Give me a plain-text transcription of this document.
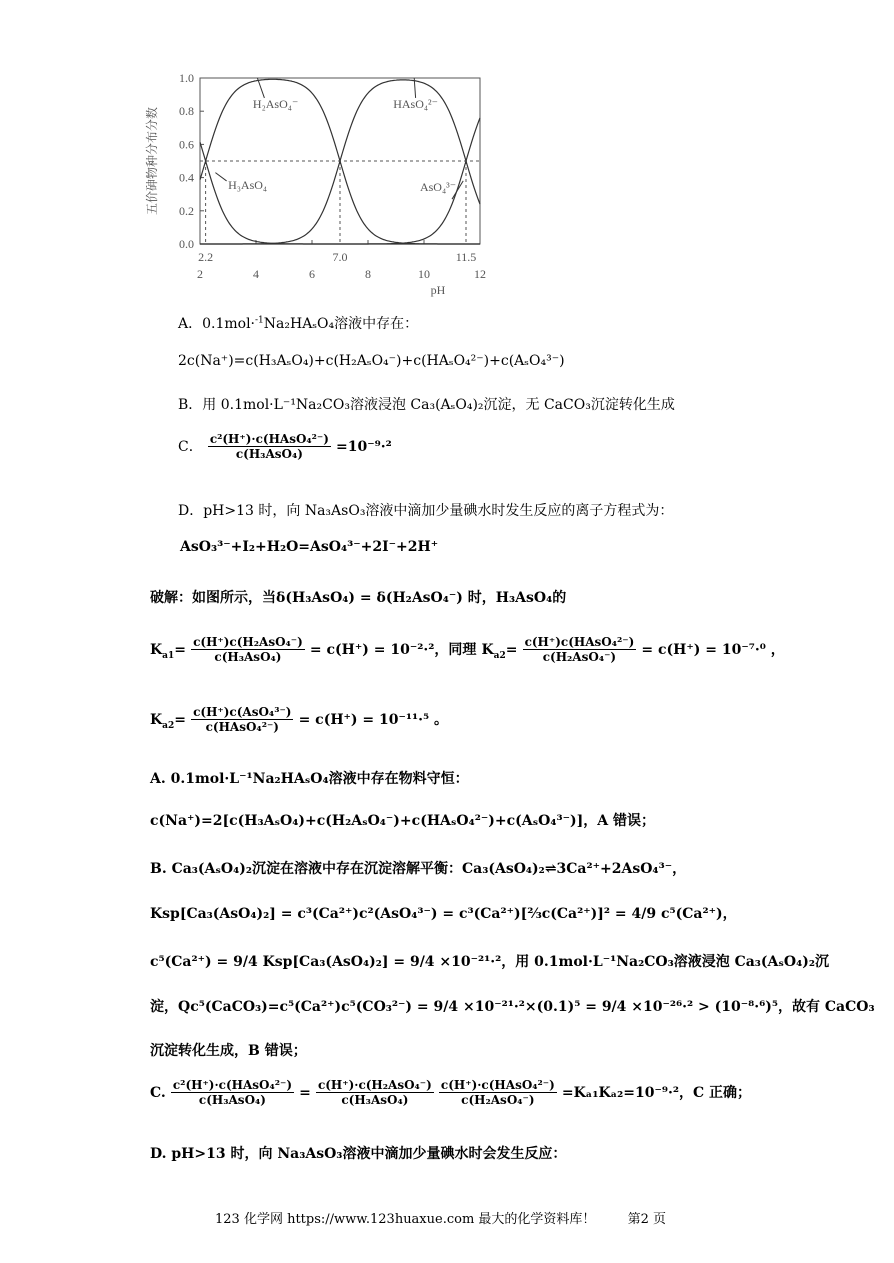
0.0
0.2
0.4
0.6
0.8
1.0
2	4	6	8	10	12
2.2	7.0	11.5
pH
五价砷物种分布分数
H₂AsO₄⁻	HAsO₄²⁻
H₃AsO₄	AsO₄³⁻
A．0.1mol·$^{-1}$Na₂HAₛO₄溶液中存在：
2c(Na⁺)=c(H₃AₛO₄)+c(H₂AₛO₄⁻)+c(HAₛO₄²⁻)+c(AₛO₄³⁻)
B．用 0.1mol·L⁻¹Na₂CO₃溶液浸泡 Ca₃(AₛO₄)₂沉淀，无 CaCO₃沉淀转化生成
C． $\frac{\text{c²(H⁺)·c(HAsO₄²⁻)}}{\text{c(H₃AsO₄)}} =10^{-9}\cdot^2$
D．pH>13 时，向 Na₃AsO₃溶液中滴加少量碘水时发生反应的离子方程式为：
AsO₃³⁻+I₂+H₂O=AsO₄³⁻+2I⁻+2H⁺
破解：如图所示，当δ(H₃AsO₄) = δ(H₂AsO₄⁻) 时，H₃AsO₄的
$K_{a1}= \frac{\text{c(H⁺)c(H₂AsO₄⁻)}}{\text{c(H₃AsO₄)}} = c(H^+) = 10^{-2}\cdot^2$，同理 $K_{a2}= \frac{\text{c(H⁺)c(HAsO₄²⁻)}}{\text{c(H₂AsO₄⁻)}} = c(H^+) = 10^{-7}\cdot^0$ ，
$K_{a2}= \frac{\text{c(H⁺)c(AsO₄³⁻)}}{\text{c(HAsO₄²⁻)}} = c(H^+) = 10^{-11}\cdot^5$ 。
A. 0.1mol·L⁻¹Na₂HAₛO₄溶液中存在物料守恒：
c(Na⁺)=2[c(H₃AₛO₄)+c(H₂AₛO₄⁻)+c(HAₛO₄²⁻)+c(AₛO₄³⁻)]，A 错误；
B. Ca₃(AₛO₄)₂沉淀在溶液中存在沉淀溶解平衡：Ca₃(AsO₄)₂⇌3Ca²⁺+2AsO₄³⁻，
Ksp[Ca₃(AsO₄)₂] = c³(Ca²⁺)c²(AsO₄³⁻) = c³(Ca²⁺)[⅔c(Ca²⁺)]² = 4/9 c⁵(Ca²⁺)，
c⁵(Ca²⁺) = 9/4 Ksp[Ca₃(AsO₄)₂] = 9/4 ×10⁻²¹·²，用 0.1mol·L⁻¹Na₂CO₃溶液浸泡 Ca₃(AₛO₄)₂沉
淀，Qc⁵(CaCO₃)=c⁵(Ca²⁺)c⁵(CO₃²⁻) = 9/4 ×10⁻²¹·²×(0.1)⁵ = 9/4 ×10⁻²⁶·² > (10⁻⁸·⁶)⁵，故有 CaCO₃
沉淀转化生成，B 错误；
C. $\frac{\text{c²(H⁺)·c(HAsO₄²⁻)}}{\text{c(H₃AsO₄)}} = \frac{\text{c(H⁺)·c(H₂AsO₄⁻)}}{\text{c(H₃AsO₄)}}$
$\frac{\text{c(H⁺)·c(HAsO₄²⁻)}}{\text{c(H₂AsO₄⁻)}} =K_{a1}K_{a2}=10^{-9}\cdot^2$，C 正确；
D. pH>13 时，向 Na₃AsO₃溶液中滴加少量碘水时会发生反应：
123 化学网 https://www.123huaxue.com 最大的化学资料库！ 第2 页
